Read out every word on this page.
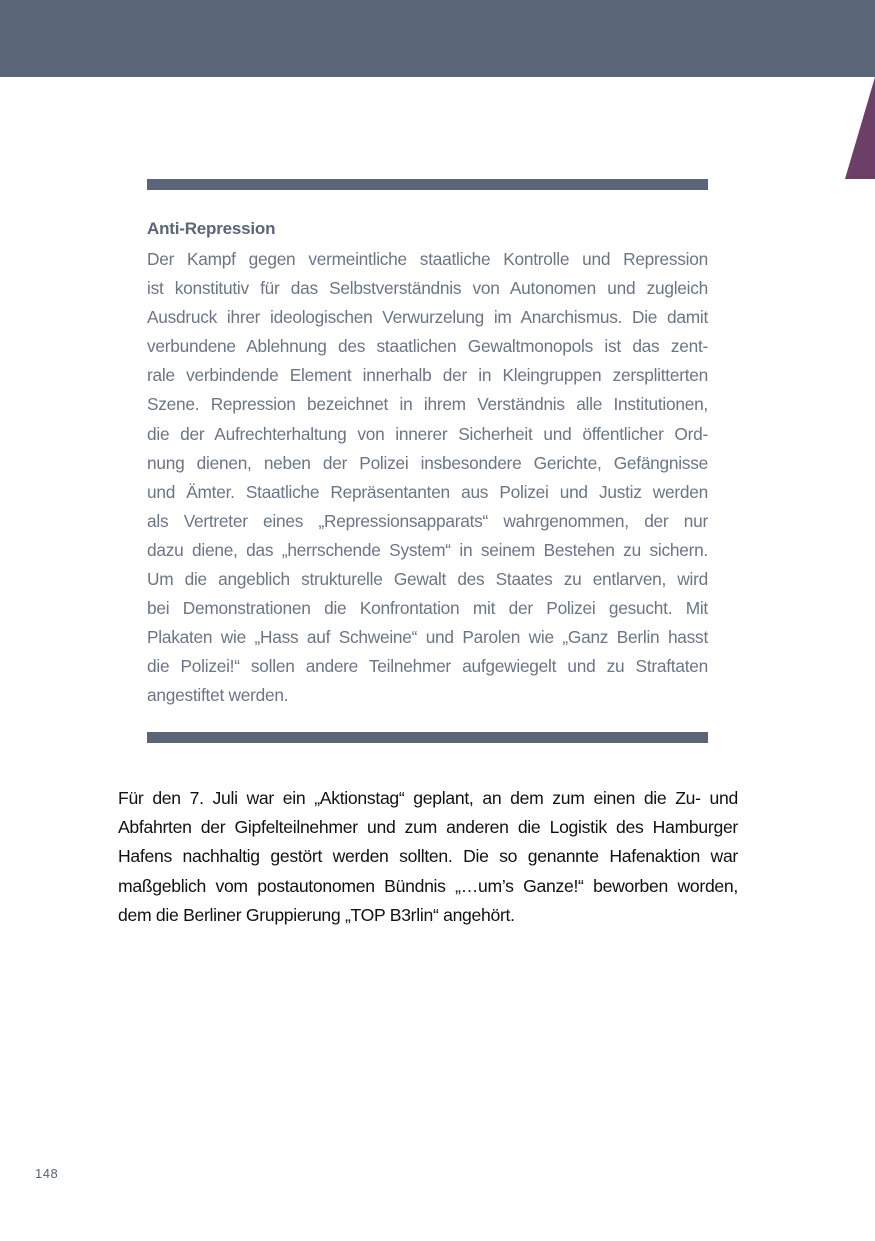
Anti-Repression
Der Kampf gegen vermeintliche staatliche Kontrolle und Repression
ist konstitutiv für das Selbstverständnis von Autonomen und zugleich
Ausdruck ihrer ideologischen Verwurzelung im Anarchismus. Die damit
verbundene Ablehnung des staatlichen Gewaltmonopols ist das zent-
rale verbindende Element innerhalb der in Kleingruppen zersplitterten
Szene. Repression bezeichnet in ihrem Verständnis alle Institutionen,
die der Aufrechterhaltung von innerer Sicherheit und öffentlicher Ord-
nung dienen, neben der Polizei insbesondere Gerichte, Gefängnisse
und Ämter. Staatliche Repräsentanten aus Polizei und Justiz werden
als Vertreter eines „Repressionsapparats“ wahrgenommen, der nur
dazu diene, das „herrschende System“ in seinem Bestehen zu sichern.
Um die angeblich strukturelle Gewalt des Staates zu entlarven, wird
bei Demonstrationen die Konfrontation mit der Polizei gesucht. Mit
Plakaten wie „Hass auf Schweine“ und Parolen wie „Ganz Berlin hasst
die Polizei!“ sollen andere Teilnehmer aufgewiegelt und zu Straftaten
angestiftet werden.
Für den 7. Juli war ein „Aktionstag“ geplant, an dem zum einen die Zu- und
Abfahrten der Gipfelteilnehmer und zum anderen die Logistik des Hamburger
Hafens nachhaltig gestört werden sollten. Die so genannte Hafenaktion war
maßgeblich vom postautonomen Bündnis „…um’s Ganze!“ beworben worden,
dem die Berliner Gruppierung „TOP B3rlin“ angehört.
148
